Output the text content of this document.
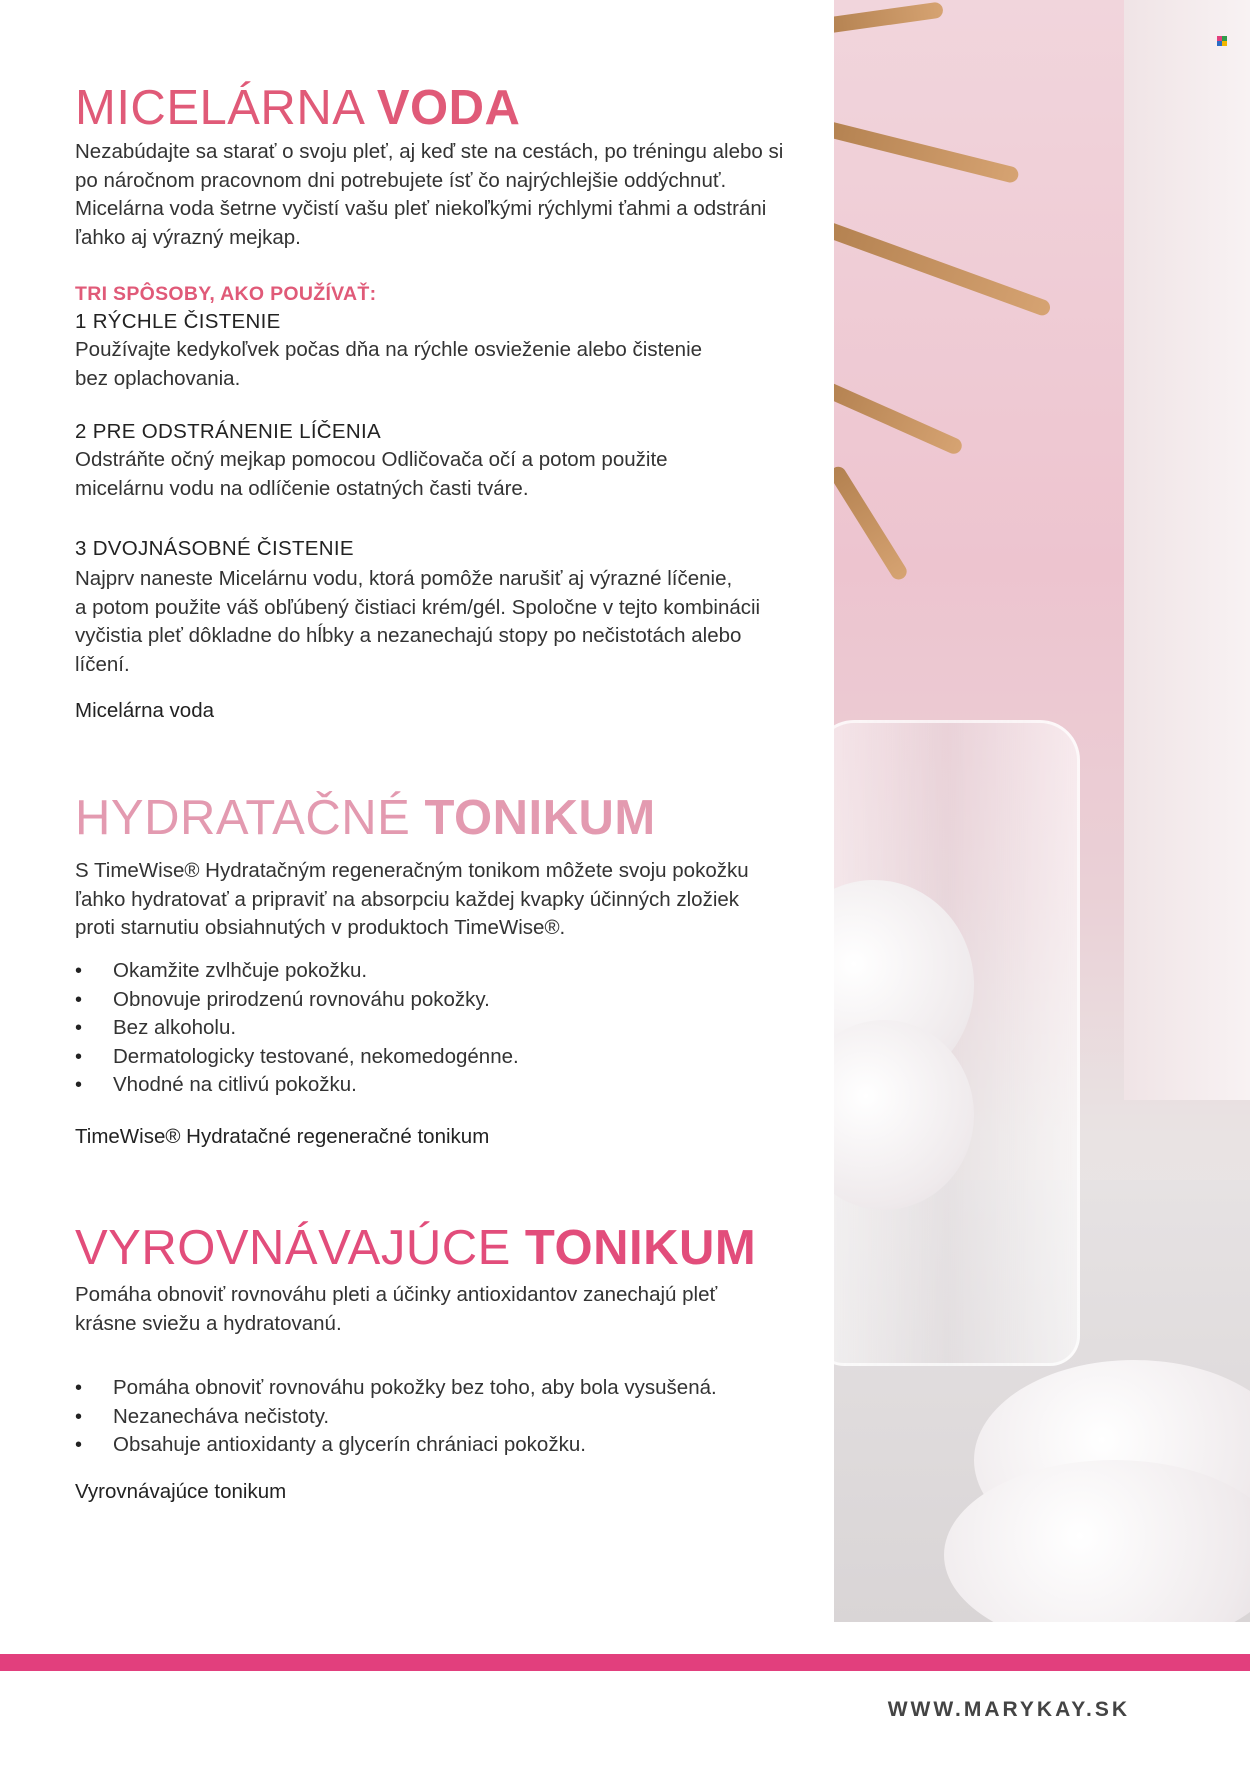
MICELÁRNA VODA
Nezabúdajte sa starať o svoju pleť, aj keď ste na cestách, po tréningu alebo si
po náročnom pracovnom dni potrebujete ísť čo najrýchlejšie oddýchnuť.
Micelárna voda šetrne vyčistí vašu pleť niekoľkými rýchlymi ťahmi a odstráni
ľahko aj výrazný mejkap.
TRI SPÔSOBY, AKO POUŽÍVAŤ:
1 RÝCHLE ČISTENIE
Používajte kedykoľvek počas dňa na rýchle osvieženie alebo čistenie
bez oplachovania.
2 PRE ODSTRÁNENIE LÍČENIA
Odstráňte očný mejkap pomocou Odličovača očí a potom použite
micelárnu vodu na odlíčenie ostatných časti tváre.
3 DVOJNÁSOBNÉ ČISTENIE
Najprv naneste Micelárnu vodu, ktorá pomôže narušiť aj výrazné líčenie,
a potom použite váš obľúbený čistiaci krém/gél. Spoločne v tejto kombinácii
vyčistia pleť dôkladne do hĺbky a nezanechajú stopy po nečistotách alebo
líčení.
Micelárna voda
HYDRATAČNÉ TONIKUM
S TimeWise® Hydratačným regeneračným tonikom môžete svoju pokožku
ľahko hydratovať a pripraviť na absorpciu každej kvapky účinných zložiek
proti starnutiu obsiahnutých v produktoch TimeWise®.
• Okamžite zvlhčuje pokožku.
• Obnovuje prirodzenú rovnováhu pokožky.
• Bez alkoholu.
• Dermatologicky testované, nekomedogénne.
• Vhodné na citlivú pokožku.
TimeWise® Hydratačné regeneračné tonikum
VYROVNÁVAJÚCE TONIKUM
Pomáha obnoviť rovnováhu pleti a účinky antioxidantov zanechajú pleť
krásne sviežu a hydratovanú.
• Pomáha obnoviť rovnováhu pokožky bez toho, aby bola vysušená.
• Nezanecháva nečistoty.
• Obsahuje antioxidanty a glycerín chrániaci pokožku.
Vyrovnávajúce tonikum
WWW.MARYKAY.SK
